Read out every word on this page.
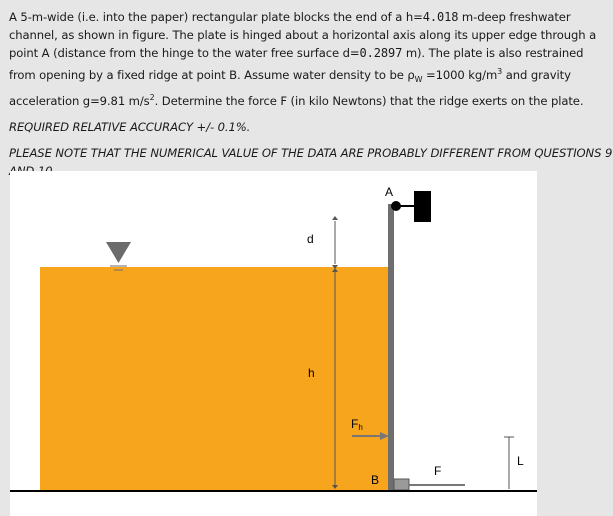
A 5-m-wide (i.e. into the paper) rectangular plate blocks the end of a h=4.018 m-deep freshwater channel, as shown in figure. The plate is hinged about a horizontal axis along its upper edge through a point A (distance from the hinge to the water free surface d=0.2897 m). The plate is also restrained from opening by a fixed ridge at point B. Assume water density to be $\rho_W =1000$ $kg/m^3$ and gravity acceleration g=9.81 $m/s^2$. Determine the force F (in kilo Newtons) that the ridge exerts on the plate.

REQUIRED RELATIVE ACCURACY +/- 0.1%.

PLEASE NOTE THAT THE NUMERICAL VALUE OF THE DATA ARE PROBABLY DIFFERENT FROM QUESTIONS 9

A
d
h
Fh
B
F
L
